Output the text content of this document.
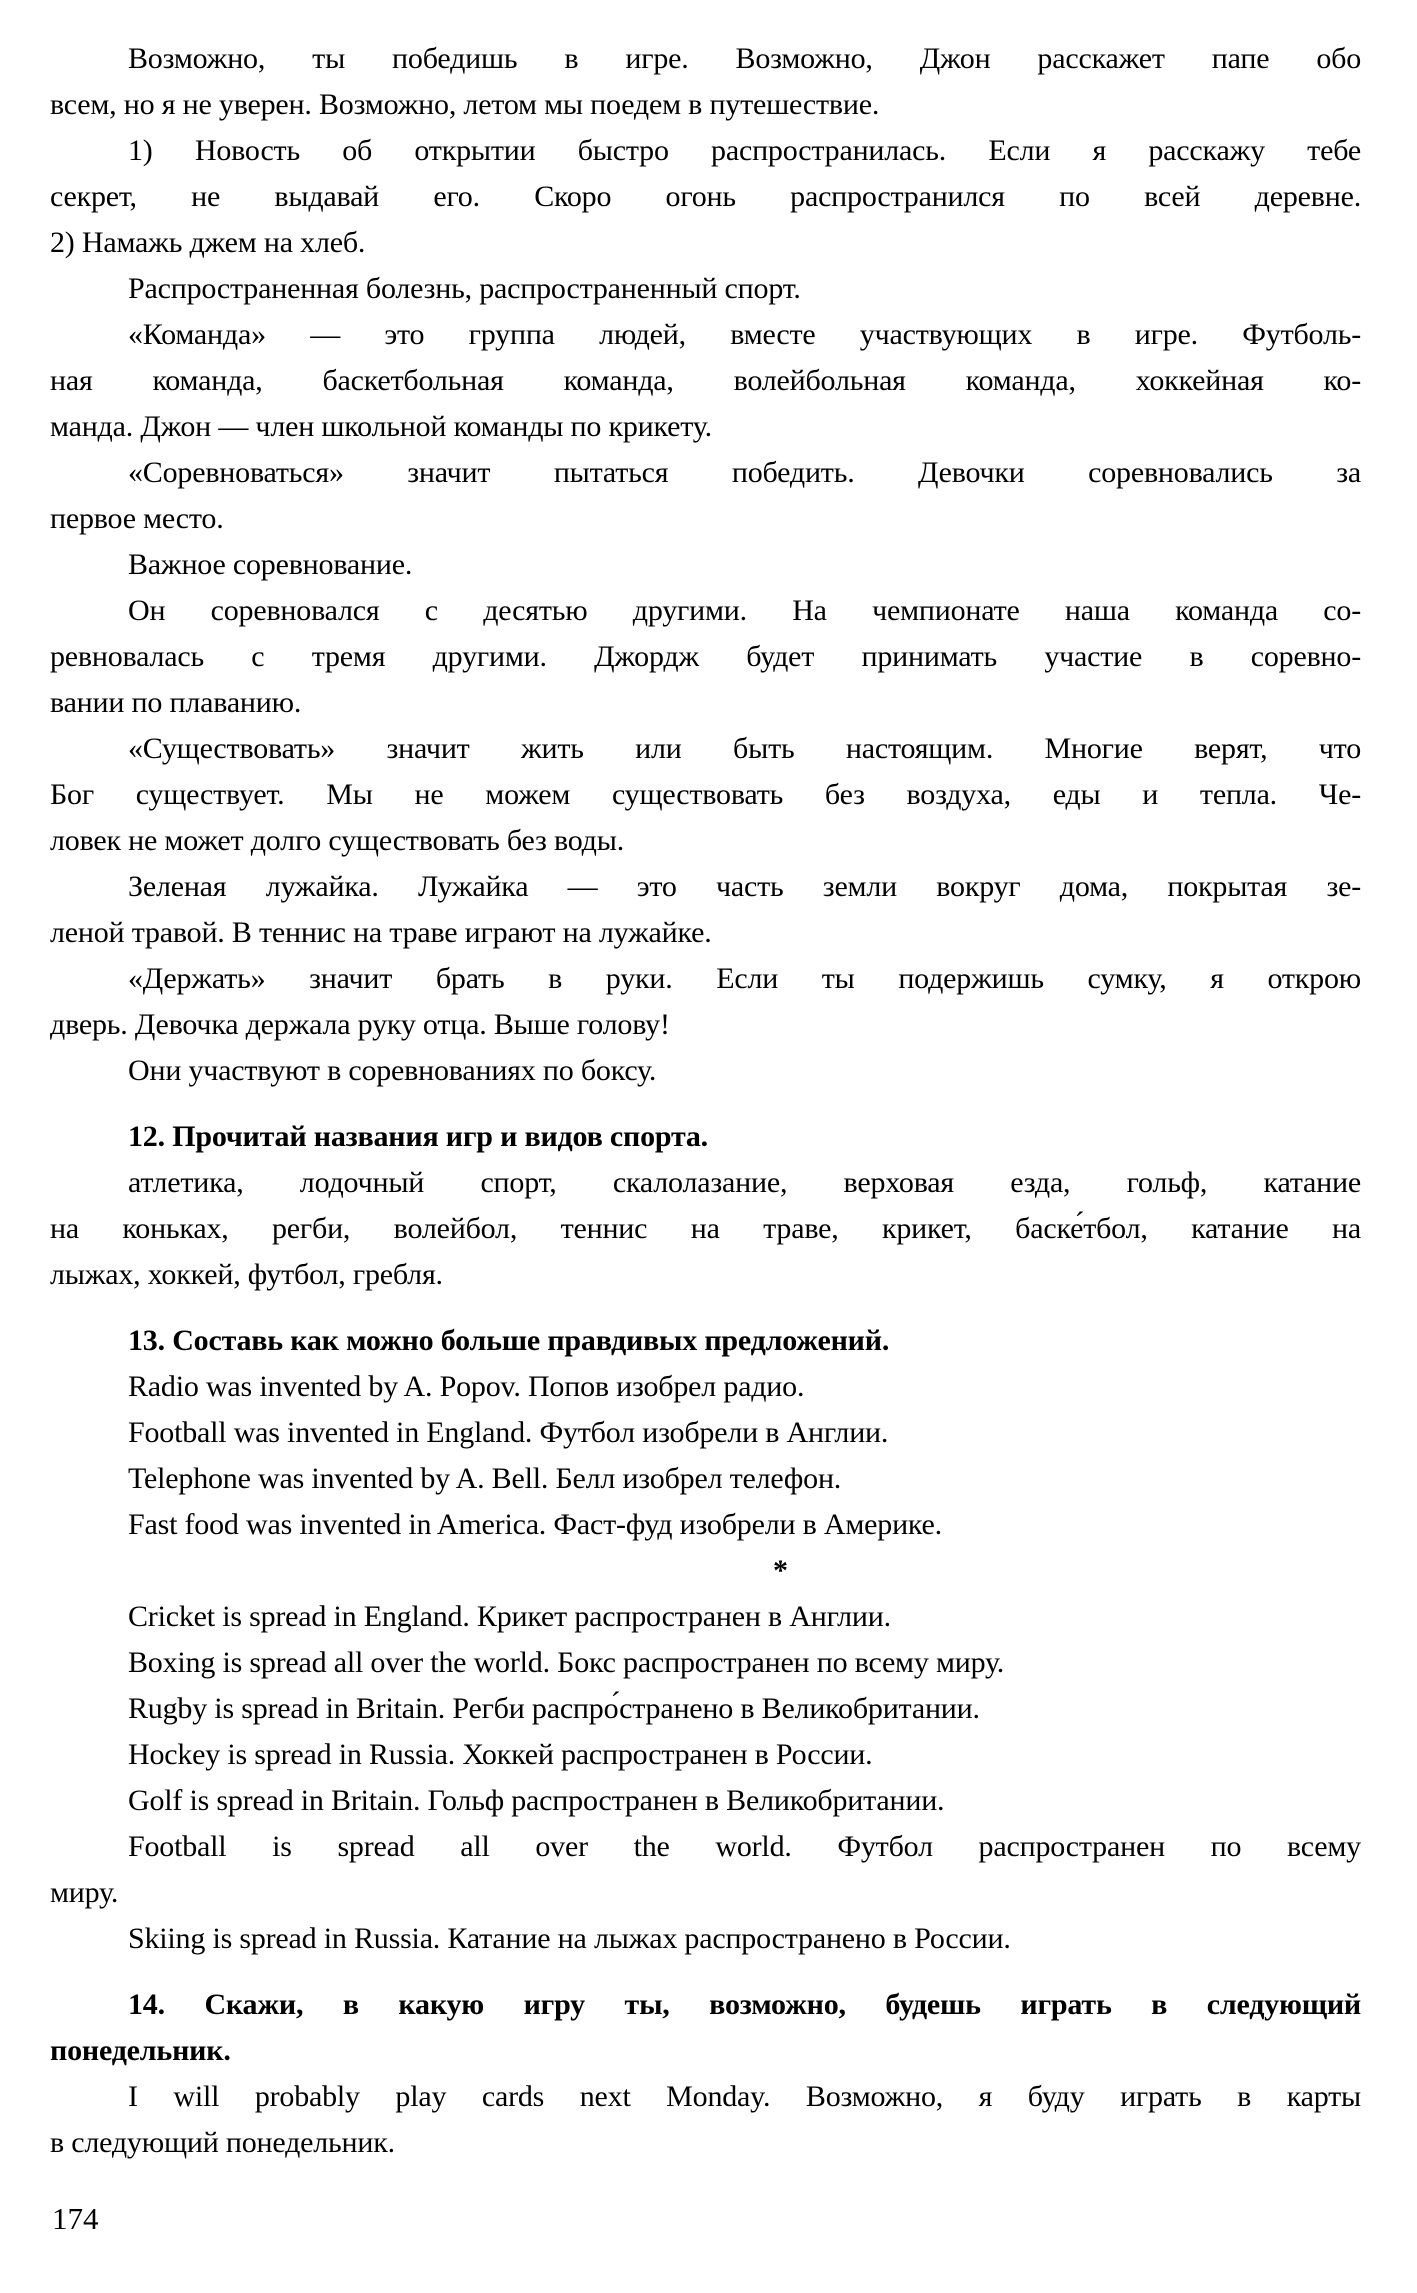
Возможно, ты победишь в игре. Возможно, Джон расскажет папе обо
всем, но я не уверен. Возможно, летом мы поедем в путешествие.

1) Новость об открытии быстро распространилась. Если я расскажу тебе
секрет, не выдавай его. Скоро огонь распространился по всей деревне.
2) Намажь джем на хлеб.

Распространенная болезнь, распространенный спорт.

«Команда» — это группа людей, вместе участвующих в игре. Футболь-
ная команда, баскетбольная команда, волейбольная команда, хоккейная ко-
манда. Джон — член школьной команды по крикету.

«Соревноваться» значит пытаться победить. Девочки соревновались за
первое место.

Важное соревнование.

Он соревновался с десятью другими. На чемпионате наша команда со-
ревновалась с тремя другими. Джордж будет принимать участие в соревно-
вании по плаванию.

«Существовать» значит жить или быть настоящим. Многие верят, что
Бог существует. Мы не можем существовать без воздуха, еды и тепла. Че-
ловек не может долго существовать без воды.

Зеленая лужайка. Лужайка — это часть земли вокруг дома, покрытая зе-
леной травой. В теннис на траве играют на лужайке.

«Держать» значит брать в руки. Если ты подержишь сумку, я открою
дверь. Девочка держала руку отца. Выше голову!

Они участвуют в соревнованиях по боксу.

12. Прочитай названия игр и видов спорта.

атлетика, лодочный спорт, скалолазание, верховая езда, гольф, катание
на коньках, регби, волейбол, теннис на траве, крикет, баске́тбол, катание на
лыжах, хоккей, футбол, гребля.

13. Составь как можно больше правдивых предложений.

Radio was invented by A. Popov. Попов изобрел радио.

Football was invented in England. Футбол изобрели в Англии.

Telephone was invented by A. Bell. Белл изобрел телефон.

Fast food was invented in America. Фаст-фуд изобрели в Америке.

*

Cricket is spread in England. Крикет распространен в Англии.

Boxing is spread all over the world. Бокс распространен по всему миру.

Rugby is spread in Britain. Регби распро́странено в Великобритании.

Hockey is spread in Russia. Хоккей распространен в России.

Golf is spread in Britain. Гольф распространен в Великобритании.

Football is spread all over the world. Футбол распространен по всему
миру.

Skiing is spread in Russia. Катание на лыжах распространено в России.

14. Скажи, в какую игру ты, возможно, будешь играть в следующий
понедельник.

I will probably play cards next Monday. Возможно, я буду играть в карты
в следующий понедельник.

174
